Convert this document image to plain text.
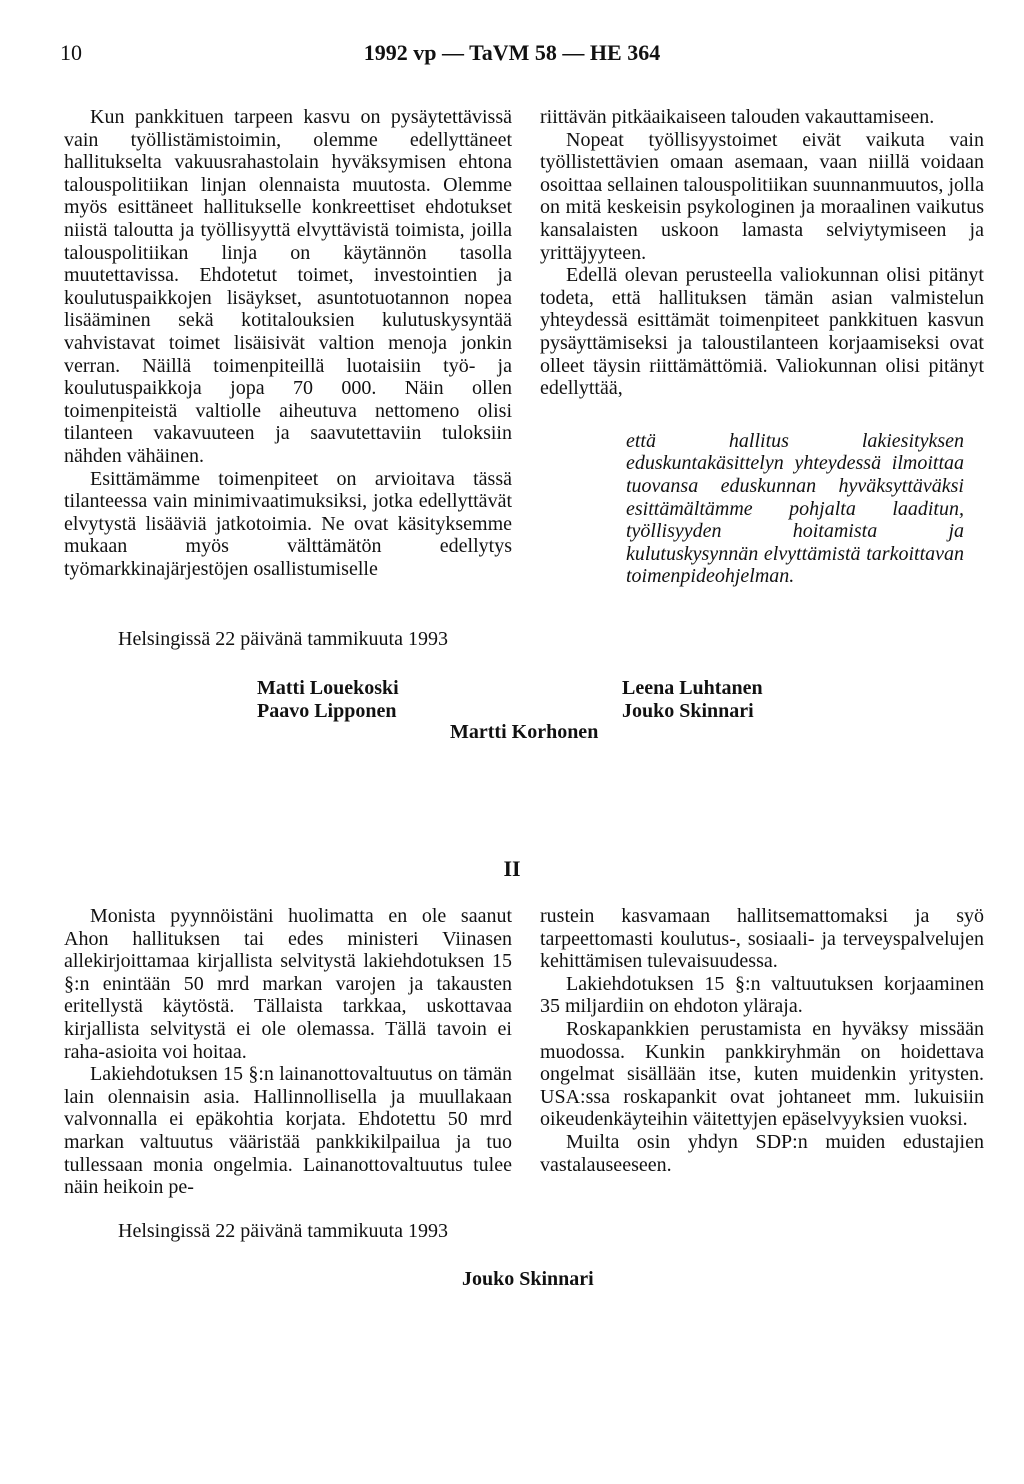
10	1992 vp — TaVM 58 — HE 364

Kun pankkituen tarpeen kasvu on pysäytettävissä vain työllistämistoimin, olemme edellyttäneet hallitukselta vakuusrahastolain hyväksymisen ehtona talouspolitiikan linjan olennaista muutosta. Olemme myös esittäneet hallitukselle konkreettiset ehdotukset niistä taloutta ja työllisyyttä elvyttävistä toimista, joilla talouspolitiikan linja on käytännön tasolla muutettavissa. Ehdotetut toimet, investointien ja koulutuspaikkojen lisäykset, asuntotuotannon nopea lisääminen sekä kotitalouksien kulutuskysyntää vahvistavat toimet lisäisivät valtion menoja jonkin verran. Näillä toimenpiteillä luotaisiin työ- ja koulutuspaikkoja jopa 70 000. Näin ollen toimenpiteistä valtiolle aiheutuva nettomeno olisi tilanteen vakavuuteen ja saavutettaviin tuloksiin nähden vähäinen.

Esittämämme toimenpiteet on arvioitava tässä tilanteessa vain minimivaatimuksiksi, jotka edellyttävät elvytystä lisääviä jatkotoimia. Ne ovat käsityksemme mukaan myös välttämätön edellytys työmarkkinajärjestöjen osallistumiselle

riittävän pitkäaikaiseen talouden vakauttamiseen.

Nopeat työllisyystoimet eivät vaikuta vain työllistettävien omaan asemaan, vaan niillä voidaan osoittaa sellainen talouspolitiikan suunnanmuutos, jolla on mitä keskeisin psykologinen ja moraalinen vaikutus kansalaisten uskoon lamasta selviytymiseen ja yrittäjyyteen.

Edellä olevan perusteella valiokunnan olisi pitänyt todeta, että hallituksen tämän asian valmistelun yhteydessä esittämät toimenpiteet pankkituen kasvun pysäyttämiseksi ja taloustilanteen korjaamiseksi ovat olleet täysin riittämättömiä. Valiokunnan olisi pitänyt edellyttää,

että hallitus lakiesityksen eduskuntakäsittelyn yhteydessä ilmoittaa tuovansa eduskunnan hyväksyttäväksi esittämältämme pohjalta laaditun, työllisyyden hoitamista ja kulutuskysynnän elvyttämistä tarkoittavan toimenpideohjelman.
Helsingissä 22 päivänä tammikuuta 1993
Matti Louekoski
Paavo Lipponen
Martti Korhonen
Leena Luhtanen
Jouko Skinnari
II

Monista pyynnöistäni huolimatta en ole saanut Ahon hallituksen tai edes ministeri Viinasen allekirjoittamaa kirjallista selvitystä lakiehdotuksen 15 §:n enintään 50 mrd markan varojen ja takausten eritellystä käytöstä. Tällaista tarkkaa, uskottavaa kirjallista selvitystä ei ole olemassa. Tällä tavoin ei raha-asioita voi hoitaa.

Lakiehdotuksen 15 §:n lainanottovaltuutus on tämän lain olennaisin asia. Hallinnollisella ja muullakaan valvonnalla ei epäkohtia korjata. Ehdotettu 50 mrd markan valtuutus vääristää pankkikilpailua ja tuo tullessaan monia ongelmia. Lainanottovaltuutus tulee näin heikoin pe-

rustein kasvamaan hallitsemattomaksi ja syö tarpeettomasti koulutus-, sosiaali- ja terveyspalvelujen kehittämisen tulevaisuudessa.

Lakiehdotuksen 15 §:n valtuutuksen korjaaminen 35 miljardiin on ehdoton yläraja.

Roskapankkien perustamista en hyväksy missään muodossa. Kunkin pankkiryhmän on hoidettava ongelmat sisällään itse, kuten muidenkin yritysten. USA:ssa roskapankit ovat johtaneet mm. lukuisiin oikeudenkäyteihin väitettyjen epäselvyyksien vuoksi.

Muilta osin yhdyn SDP:n muiden edustajien vastalauseeseen.

Helsingissä 22 päivänä tammikuuta 1993
Jouko Skinnari
